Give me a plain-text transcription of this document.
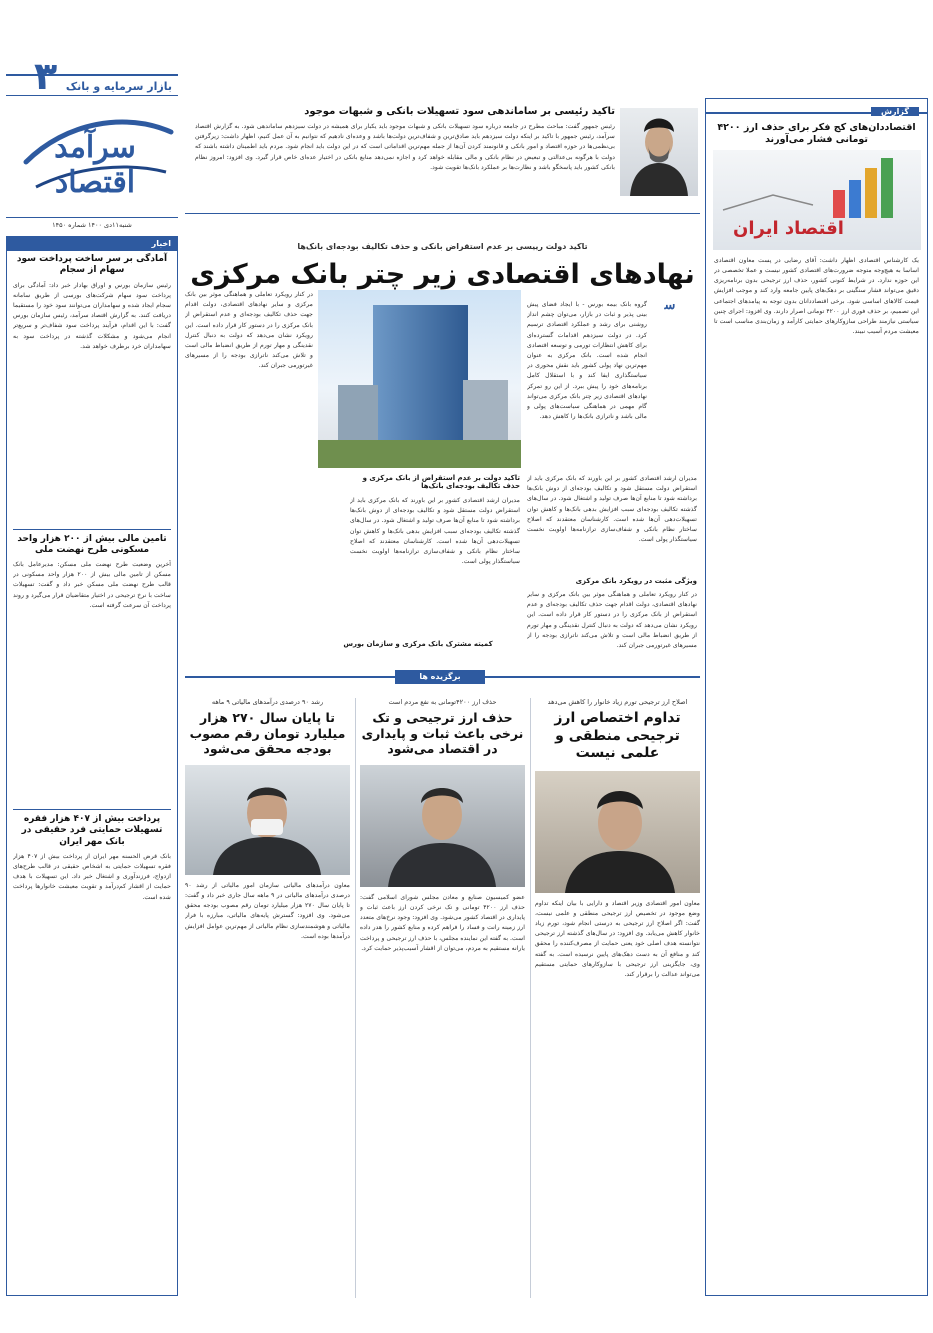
۳ بازار سرمایه و بانک
سرآمد اقتصاد
شنبه۱۱دی ۱۴۰۰ شماره ۱۴۵۰
اخبار
آمادگی بر سر ساخت پرداخت سود سهام از سجام
رئیس سازمان بورس و اوراق بهادار خبر داد: آمادگی برای پرداخت سود سهام شرکت‌های بورسی از طریق سامانه سجام ایجاد شده و سهامداران می‌توانند سود خود را مستقیما دریافت کنند. به گزارش اقتصاد سرآمد، رئیس سازمان بورس گفت: با این اقدام، فرآیند پرداخت سود شفاف‌تر و سریع‌تر انجام می‌شود و مشکلات گذشته در پرداخت سود به سهامداران خرد برطرف خواهد شد.
تامین مالی بیش از ۲۰۰ هزار واحد مسکونی طرح نهضت ملی
آخرین وضعیت طرح نهضت ملی مسکن: مدیرعامل بانک مسکن از تامین مالی بیش از ۲۰۰ هزار واحد مسکونی در قالب طرح نهضت ملی مسکن خبر داد و گفت: تسهیلات ساخت با نرخ ترجیحی در اختیار متقاضیان قرار می‌گیرد و روند پرداخت آن سرعت گرفته است.
پرداخت بیش از ۴۰۷ هزار فقره تسهیلات حمایتی فرد حقیقی در بانک مهر ایران
بانک قرض الحسنه مهر ایران از پرداخت بیش از ۴۰۷ هزار فقره تسهیلات حمایتی به اشخاص حقیقی در قالب طرح‌های ازدواج، فرزندآوری و اشتغال خبر داد. این تسهیلات با هدف حمایت از اقشار کم‌درآمد و تقویت معیشت خانوارها پرداخت شده است.
تاکید رئیسی بر ساماندهی سود تسهیلات بانکی و شبهات موجود
رئیس جمهور گفت: مباحث مطرح در جامعه درباره سود تسهیلات بانکی و شبهات موجود باید یکبار برای همیشه در دولت سیزدهم ساماندهی شود. به گزارش اقتصاد سرآمد، رئیس جمهور با تاکید بر اینکه دولت سیزدهم باید صادق‌ترین و شفاف‌ترین دولت‌ها باشد و وعده‌ای نادهیم که نتوانیم به آن عمل کنیم، اظهار داشت: زیرگرفتن بی‌نظمی‌ها در حوزه اقتصاد و امور بانکی و قانونمند کردن آن‌ها از جمله مهم‌ترین اقداماتی است که در این دولت باید انجام شود. مردم باید اطمینان داشته باشند که دولت با هرگونه بی‌عدالتی و تبعیض در نظام بانکی و مالی مقابله خواهد کرد و اجازه نمی‌دهد منابع بانکی در اختیار عده‌ای خاص قرار گیرد. وی افزود: امروز نظام بانکی کشور باید پاسخگو باشد و نظارت‌ها بر عملکرد بانک‌ها تقویت شود.
تاکید دولت رییسی بر عدم استقراض بانکی و حذف تکالیف بودجه‌ای بانک‌ها
نهادهای اقتصادی زیر چتر بانک مرکزی
ﺳ
گروه بانک بیمه بورس - با ایجاد فضای پیش بینی پذیر و ثبات در بازار، می‌توان چشم انداز روشنی برای رشد و عملکرد اقتصادی ترسیم کرد. در دولت سیزدهم اقدامات گسترده‌ای برای کاهش انتظارات تورمی و توسعه اقتصادی انجام شده است. بانک مرکزی به عنوان مهم‌ترین نهاد پولی کشور باید نقش محوری در سیاستگذاری ایفا کند و با استقلال کامل برنامه‌های خود را پیش ببرد. از این رو تمرکز نهادهای اقتصادی زیر چتر بانک مرکزی می‌تواند گام مهمی در هماهنگی سیاست‌های پولی و مالی باشد و ناترازی بانک‌ها را کاهش دهد.
مدیران ارشد اقتصادی کشور بر این باورند که بانک مرکزی باید از استقراض دولت مستقل شود و تکالیف بودجه‌ای از دوش بانک‌ها برداشته شود تا منابع آن‌ها صرف تولید و اشتغال شود. در سال‌های گذشته تکالیف بودجه‌ای سبب افزایش بدهی بانک‌ها و کاهش توان تسهیلات‌دهی آن‌ها شده است. کارشناسان معتقدند که اصلاح ساختار نظام بانکی و شفاف‌سازی ترازنامه‌ها اولویت نخست سیاستگذار پولی است.
ویژگی مثبت در رویکرد بانک مرکزی
در کنار رویکرد تعاملی و هماهنگی موثر بین بانک مرکزی و سایر نهادهای اقتصادی، دولت اقدام جهت حذف تکالیف بودجه‌ای و عدم استقراض از بانک مرکزی را در دستور کار قرار داده است. این رویکرد نشان می‌دهد که دولت به دنبال کنترل نقدینگی و مهار تورم از طریق انضباط مالی است و تلاش می‌کند ناترازی بودجه را از مسیرهای غیرتورمی جبران کند.
در کنار رویکرد تعاملی و هماهنگی موثر بین بانک مرکزی و سایر نهادهای اقتصادی، دولت اقدام جهت حذف تکالیف بودجه‌ای و عدم استقراض از بانک مرکزی را در دستور کار قرار داده است. این رویکرد نشان می‌دهد که دولت به دنبال کنترل نقدینگی و مهار تورم از طریق انضباط مالی است و تلاش می‌کند ناترازی بودجه را از مسیرهای غیرتورمی جبران کند.
تاکید دولت بر عدم استقراض از بانک مرکزی و حذف تکالیف بودجه‌ای بانک‌ها
مدیران ارشد اقتصادی کشور بر این باورند که بانک مرکزی باید از استقراض دولت مستقل شود و تکالیف بودجه‌ای از دوش بانک‌ها برداشته شود تا منابع آن‌ها صرف تولید و اشتغال شود. در سال‌های گذشته تکالیف بودجه‌ای سبب افزایش بدهی بانک‌ها و کاهش توان تسهیلات‌دهی آن‌ها شده است. کارشناسان معتقدند که اصلاح ساختار نظام بانکی و شفاف‌سازی ترازنامه‌ها اولویت نخست سیاستگذار پولی است.
کمیته مشترک بانک مرکزی و سازمان بورس
برگزیده ها
اصلاح ارز ترجیحی تورم زیاد خانوار را کاهش می‌دهد
تداوم اختصاص ارز ترجیحی منطقی و علمی نیست
معاون امور اقتصادی وزیر اقتصاد و دارایی با بیان اینکه تداوم وضع موجود در تخصیص ارز ترجیحی منطقی و علمی نیست، گفت: اگر اصلاح ارز ترجیحی به درستی انجام شود، تورم زیاد خانوار کاهش می‌یابد. وی افزود: در سال‌های گذشته ارز ترجیحی نتوانسته هدف اصلی خود یعنی حمایت از مصرف‌کننده را محقق کند و منافع آن به دست دهک‌های پایین نرسیده است. به گفته وی، جایگزینی ارز ترجیحی با سازوکارهای حمایتی مستقیم می‌تواند عدالت را برقرار کند.
حذف ارز ۴۲۰۰تومانی به نفع مردم است
حذف ارز ترجیحی و تک نرخی باعث ثبات و پایداری در اقتصاد می‌شود
عضو کمیسیون صنایع و معادن مجلس شورای اسلامی گفت: حذف ارز ۴۲۰۰ تومانی و تک نرخی کردن ارز باعث ثبات و پایداری در اقتصاد کشور می‌شود. وی افزود: وجود نرخ‌های متعدد ارز زمینه رانت و فساد را فراهم کرده و منابع کشور را هدر داده است. به گفته این نماینده مجلس، با حذف ارز ترجیحی و پرداخت یارانه مستقیم به مردم، می‌توان از اقشار آسیب‌پذیر حمایت کرد.
رشد ۹۰ درصدی درآمدهای مالیاتی ۹ ماهه
تا پایان سال ۲۷۰ هزار میلیارد تومان رقم مصوب بودجه محقق می‌شود
معاون درآمدهای مالیاتی سازمان امور مالیاتی از رشد ۹۰ درصدی درآمدهای مالیاتی در ۹ ماهه سال جاری خبر داد و گفت: تا پایان سال ۲۷۰ هزار میلیارد تومان رقم مصوب بودجه محقق می‌شود. وی افزود: گسترش پایه‌های مالیاتی، مبارزه با فرار مالیاتی و هوشمندسازی نظام مالیاتی از مهم‌ترین عوامل افزایش درآمدها بوده است.
گزارش
اقتصاددان‌های کج فکر برای حذف ارز ۴۲۰۰ تومانی فشار می‌آورند
اقتصاد ایران
یک کارشناس اقتصادی اظهار داشت: آقای رضایی در پست معاون اقتصادی اساسا به هیچ‌وجه متوجه ضرورت‌های اقتصادی کشور نیست و عملا تخصصی در این حوزه ندارد. در شرایط کنونی کشور، حذف ارز ترجیحی بدون برنامه‌ریزی دقیق می‌تواند فشار سنگینی بر دهک‌های پایین جامعه وارد کند و موجب افزایش قیمت کالاهای اساسی شود. برخی اقتصاددانان بدون توجه به پیامدهای اجتماعی این تصمیم، بر حذف فوری ارز ۴۲۰۰ تومانی اصرار دارند. وی افزود: اجرای چنین سیاستی نیازمند طراحی سازوکارهای حمایتی کارآمد و زمان‌بندی مناسب است تا معیشت مردم آسیب نبیند.
